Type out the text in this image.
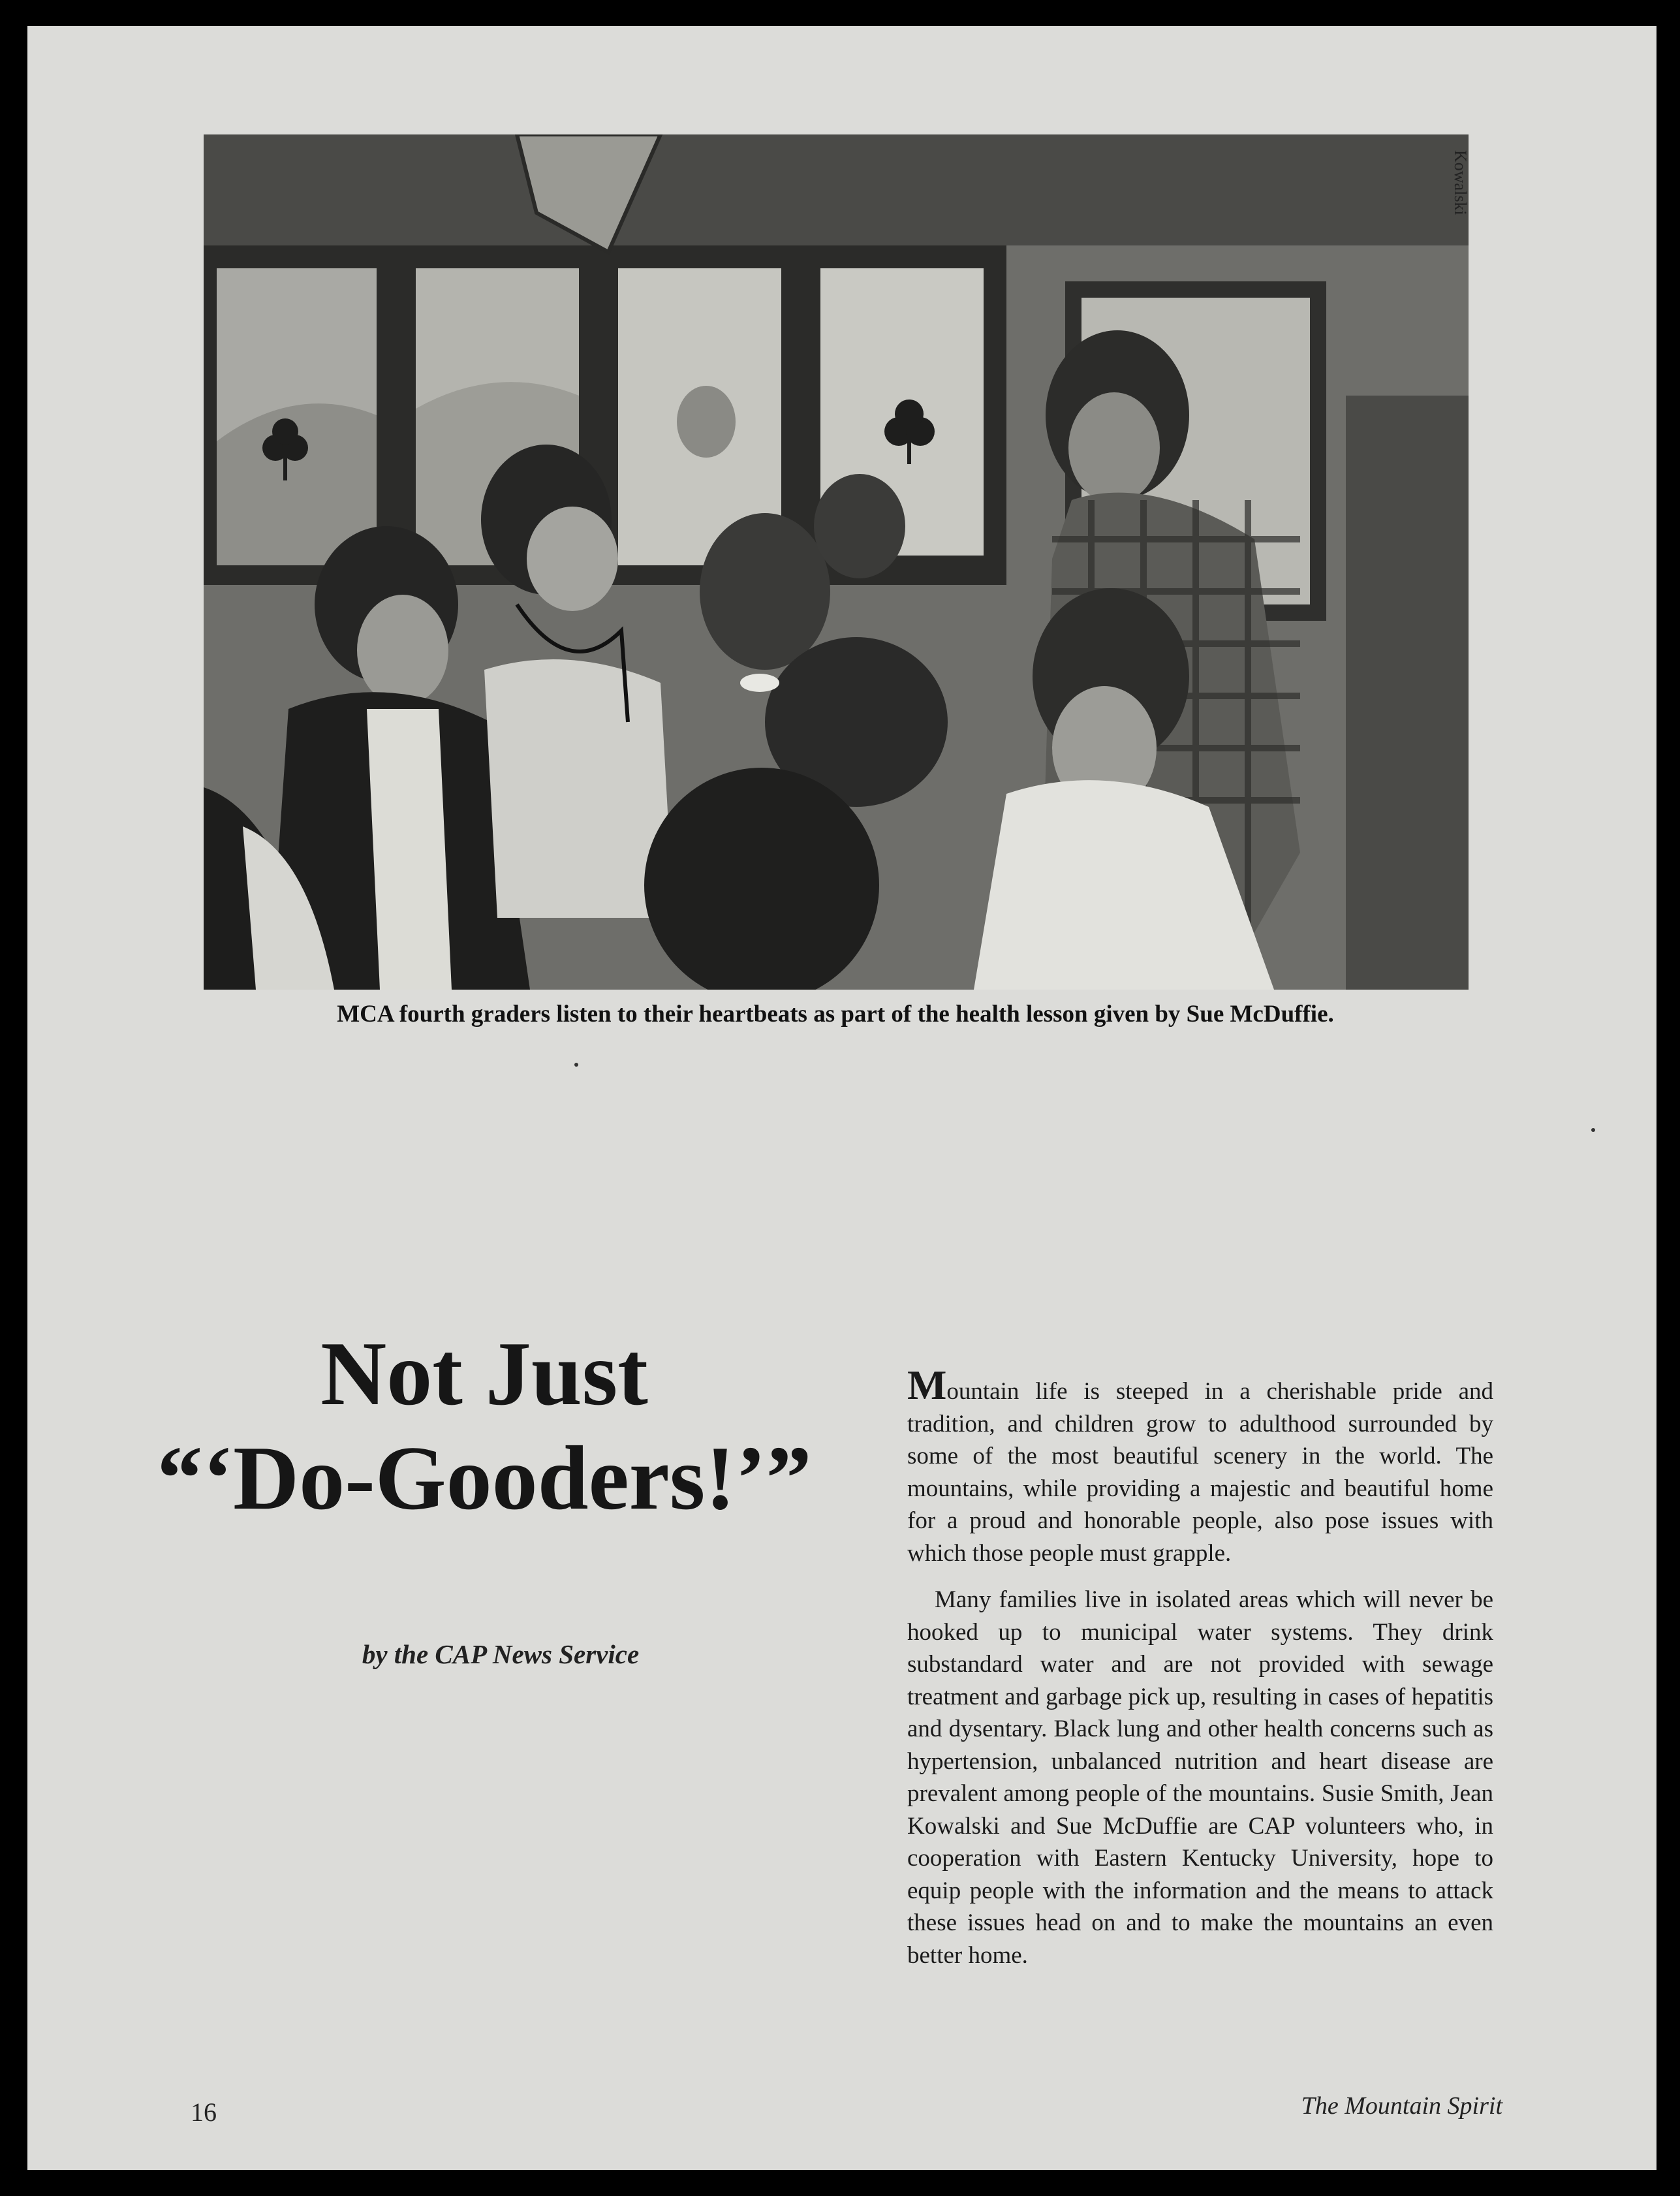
Kowalski
MCA fourth graders listen to their heartbeats as part of the health lesson given by Sue McDuffie.
Not Just
“‘Do-Gooders!’”
by the CAP News Service

Mountain life is steeped in a cherishable pride and tradition, and children grow to adulthood surrounded by some of the most beautiful scenery in the world. The mountains, while providing a majestic and beautiful home for a proud and honorable people, also pose issues with which those people must grapple.

Many families live in isolated areas which will never be hooked up to municipal water systems. They drink substandard water and are not provided with sewage treatment and garbage pick up, resulting in cases of hepatitis and dysentary. Black lung and other health concerns such as hypertension, unbalanced nutrition and heart disease are prevalent among people of the mountains. Susie Smith, Jean Kowalski and Sue McDuffie are CAP volunteers who, in cooperation with Eastern Kentucky University, hope to equip people with the information and the means to attack these issues head on and to make the mountains an even better home.

16	The Mountain Spirit
